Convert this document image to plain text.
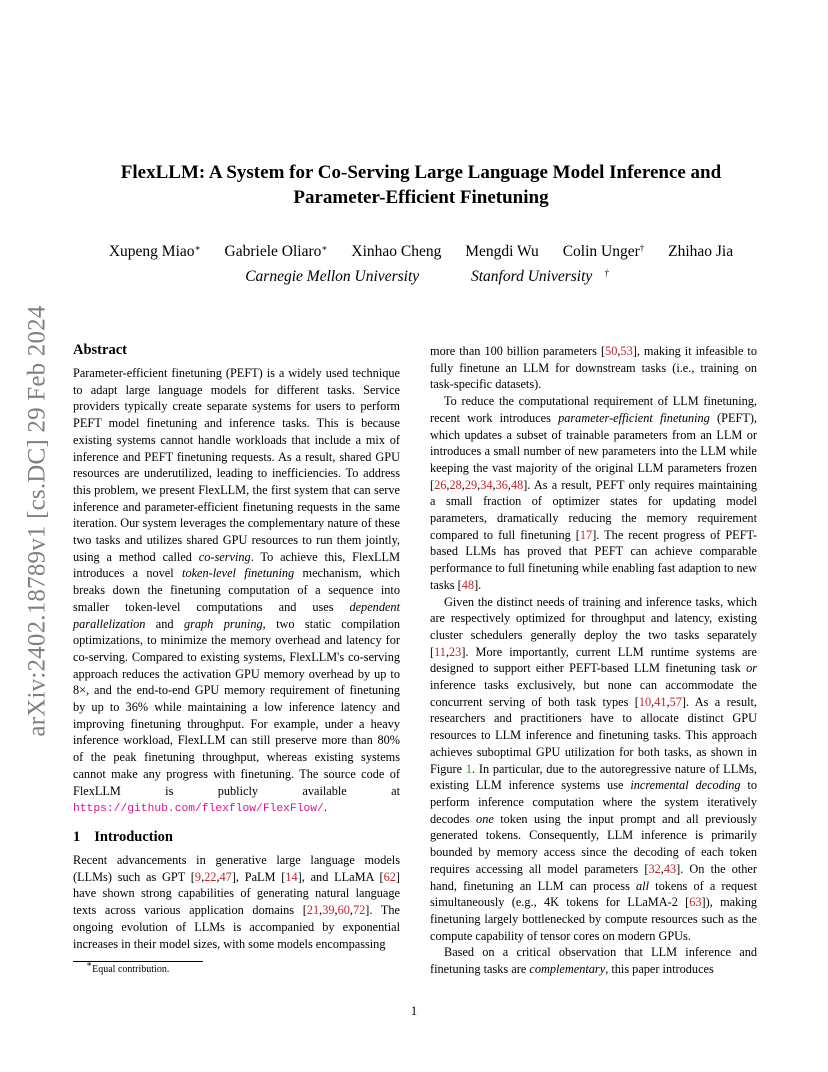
arXiv:2402.18789v1 [cs.DC] 29 Feb 2024
FlexLLM: A System for Co-Serving Large Language Model Inference and
Parameter-Efficient Finetuning
Xupeng Miao∗ Gabriele Oliaro∗ Xinhao Cheng Mengdi Wu Colin Unger† Zhihao Jia
Carnegie Mellon University	Stanford University †
Abstract

Parameter-efficient finetuning (PEFT) is a widely used technique to adapt large language models for different tasks. Service providers typically create separate systems for users to perform PEFT model finetuning and inference tasks. This is because existing systems cannot handle workloads that include a mix of inference and PEFT finetuning requests. As a result, shared GPU resources are underutilized, leading to inefficiencies. To address this problem, we present FlexLLM, the first system that can serve inference and parameter-efficient finetuning requests in the same iteration. Our system leverages the complementary nature of these two tasks and utilizes shared GPU resources to run them jointly, using a method called co-serving. To achieve this, FlexLLM introduces a novel token-level finetuning mechanism, which breaks down the finetuning computation of a sequence into smaller token-level computations and uses dependent parallelization and graph pruning, two static compilation optimizations, to minimize the memory overhead and latency for co-serving. Compared to existing systems, FlexLLM's co-serving approach reduces the activation GPU memory overhead by up to 8×, and the end-to-end GPU memory requirement of finetuning by up to 36% while maintaining a low inference latency and improving finetuning throughput. For example, under a heavy inference workload, FlexLLM can still preserve more than 80% of the peak finetuning throughput, whereas existing systems cannot make any progress with finetuning. The source code of FlexLLM is publicly available at https://github.com/flexflow/FlexFlow/.

1 Introduction

Recent advancements in generative large language models (LLMs) such as GPT [9,22,47], PaLM [14], and LLaMA [62] have shown strong capabilities of generating natural language texts across various application domains [21,39,60,72]. The ongoing evolution of LLMs is accompanied by exponential increases in their model sizes, with some models encompassing

more than 100 billion parameters [50,53], making it infeasible to fully finetune an LLM for downstream tasks (i.e., training on task-specific datasets).

To reduce the computational requirement of LLM finetuning, recent work introduces parameter-efficient finetuning (PEFT), which updates a subset of trainable parameters from an LLM or introduces a small number of new parameters into the LLM while keeping the vast majority of the original LLM parameters frozen [26,28,29,34,36,48]. As a result, PEFT only requires maintaining a small fraction of optimizer states for updating model parameters, dramatically reducing the memory requirement compared to full finetuning [17]. The recent progress of PEFT-based LLMs has proved that PEFT can achieve comparable performance to full finetuning while enabling fast adaption to new tasks [48].

Given the distinct needs of training and inference tasks, which are respectively optimized for throughput and latency, existing cluster schedulers generally deploy the two tasks separately [11,23]. More importantly, current LLM runtime systems are designed to support either PEFT-based LLM finetuning task or inference tasks exclusively, but none can accommodate the concurrent serving of both task types [10,41,57]. As a result, researchers and practitioners have to allocate distinct GPU resources to LLM inference and finetuning tasks. This approach achieves suboptimal GPU utilization for both tasks, as shown in Figure 1. In particular, due to the autoregressive nature of LLMs, existing LLM inference systems use incremental decoding to perform inference computation where the system iteratively decodes one token using the input prompt and all previously generated tokens. Consequently, LLM inference is primarily bounded by memory access since the decoding of each token requires accessing all model parameters [32,43]. On the other hand, finetuning an LLM can process all tokens of a request simultaneously (e.g., 4K tokens for LLaMA-2 [63]), making finetuning largely bottlenecked by compute resources such as the compute capability of tensor cores on modern GPUs.

Based on a critical observation that LLM inference and finetuning tasks are complementary, this paper introduces

∗Equal contribution.
1
